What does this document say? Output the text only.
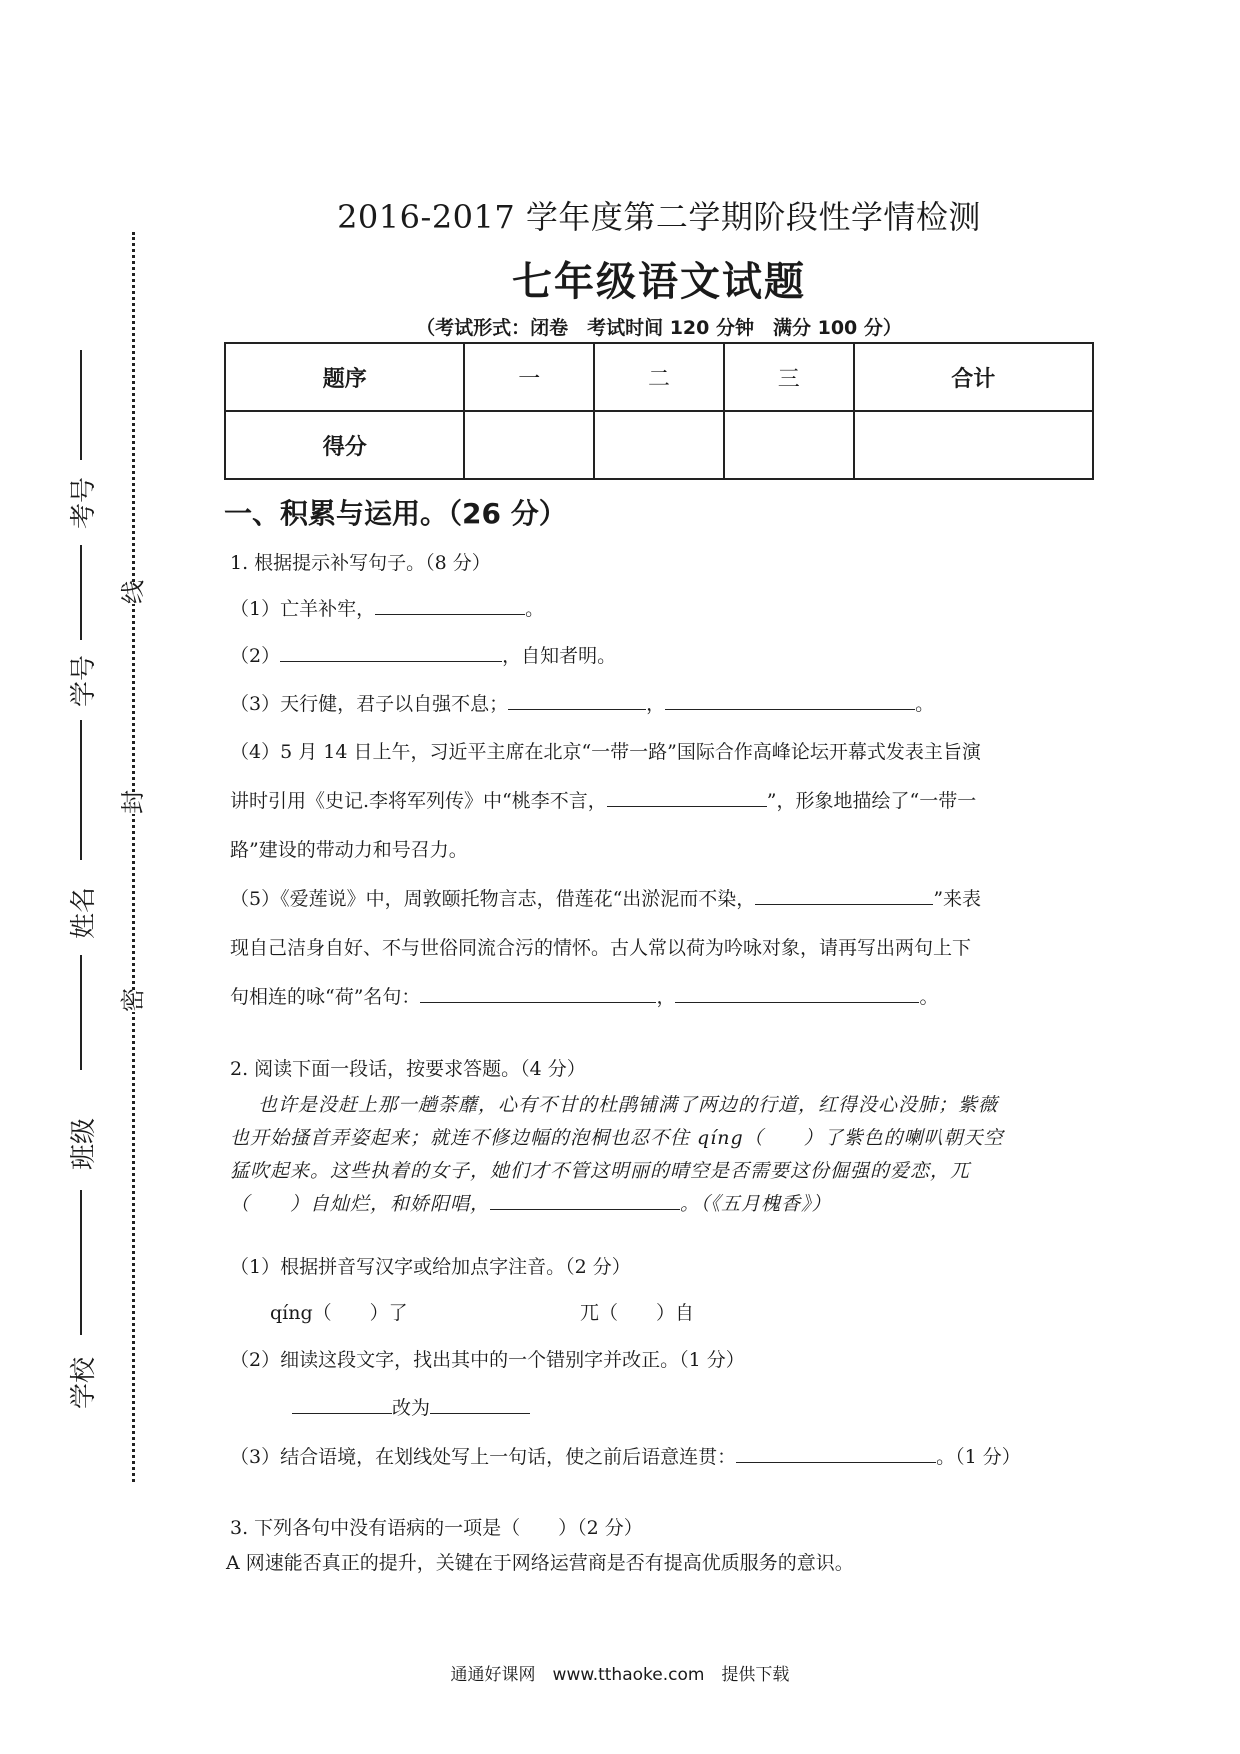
考号
学号
姓名
班级
学校
线
封
密
2016-2017 学年度第二学期阶段性学情检测
七年级语文试题
（考试形式：闭卷　考试时间 120 分钟　满分 100 分）
题序	一	二	三	合计
得分				
一、积累与运用。（26 分）
1. 根据提示补写句子。（8 分）
（1）亡羊补牢，	。
（2）	，自知者明。
（3）天行健，君子以自强不息；	，	。
（4）5 月 14 日上午，习近平主席在北京“一带一路”国际合作高峰论坛开幕式发表主旨演
讲时引用《史记.李将军列传》中“桃李不言，	”，形象地描绘了“一带一
路”建设的带动力和号召力。
（5）《爱莲说》中，周敦颐托物言志，借莲花“出淤泥而不染，	”来表
现自己洁身自好、不与世俗同流合污的情怀。古人常以荷为吟咏对象，请再写出两句上下
句相连的咏“荷”名句：	，	。
2. 阅读下面一段话，按要求答题。（4 分）
也许是没赶上那一趟荼蘼，心有不甘的杜鹃铺满了两边的行道，红得没心没肺；紫薇
也开始搔首弄姿起来；就连不修边幅的泡桐也忍不住 qíng（　　）了紫色的喇叭朝天空
猛吹起来。这些执着的女子，她们才不管这明丽的晴空是否需要这份倔强的爱恋，兀
（　　）自灿烂，和娇阳唱，	。（《五月槐香》）
（1）根据拼音写汉字或给加点字注音。（2 分）
qíng（　　）了	兀（　　）自
（2）细读这段文字，找出其中的一个错别字并改正。（1 分）
改为
（3）结合语境，在划线处写上一句话，使之前后语意连贯：	。（1 分）
3. 下列各句中没有语病的一项是（　　）（2 分）
A 网速能否真正的提升，关键在于网络运营商是否有提高优质服务的意识。
通通好课网　www.tthaoke.com　提供下载
